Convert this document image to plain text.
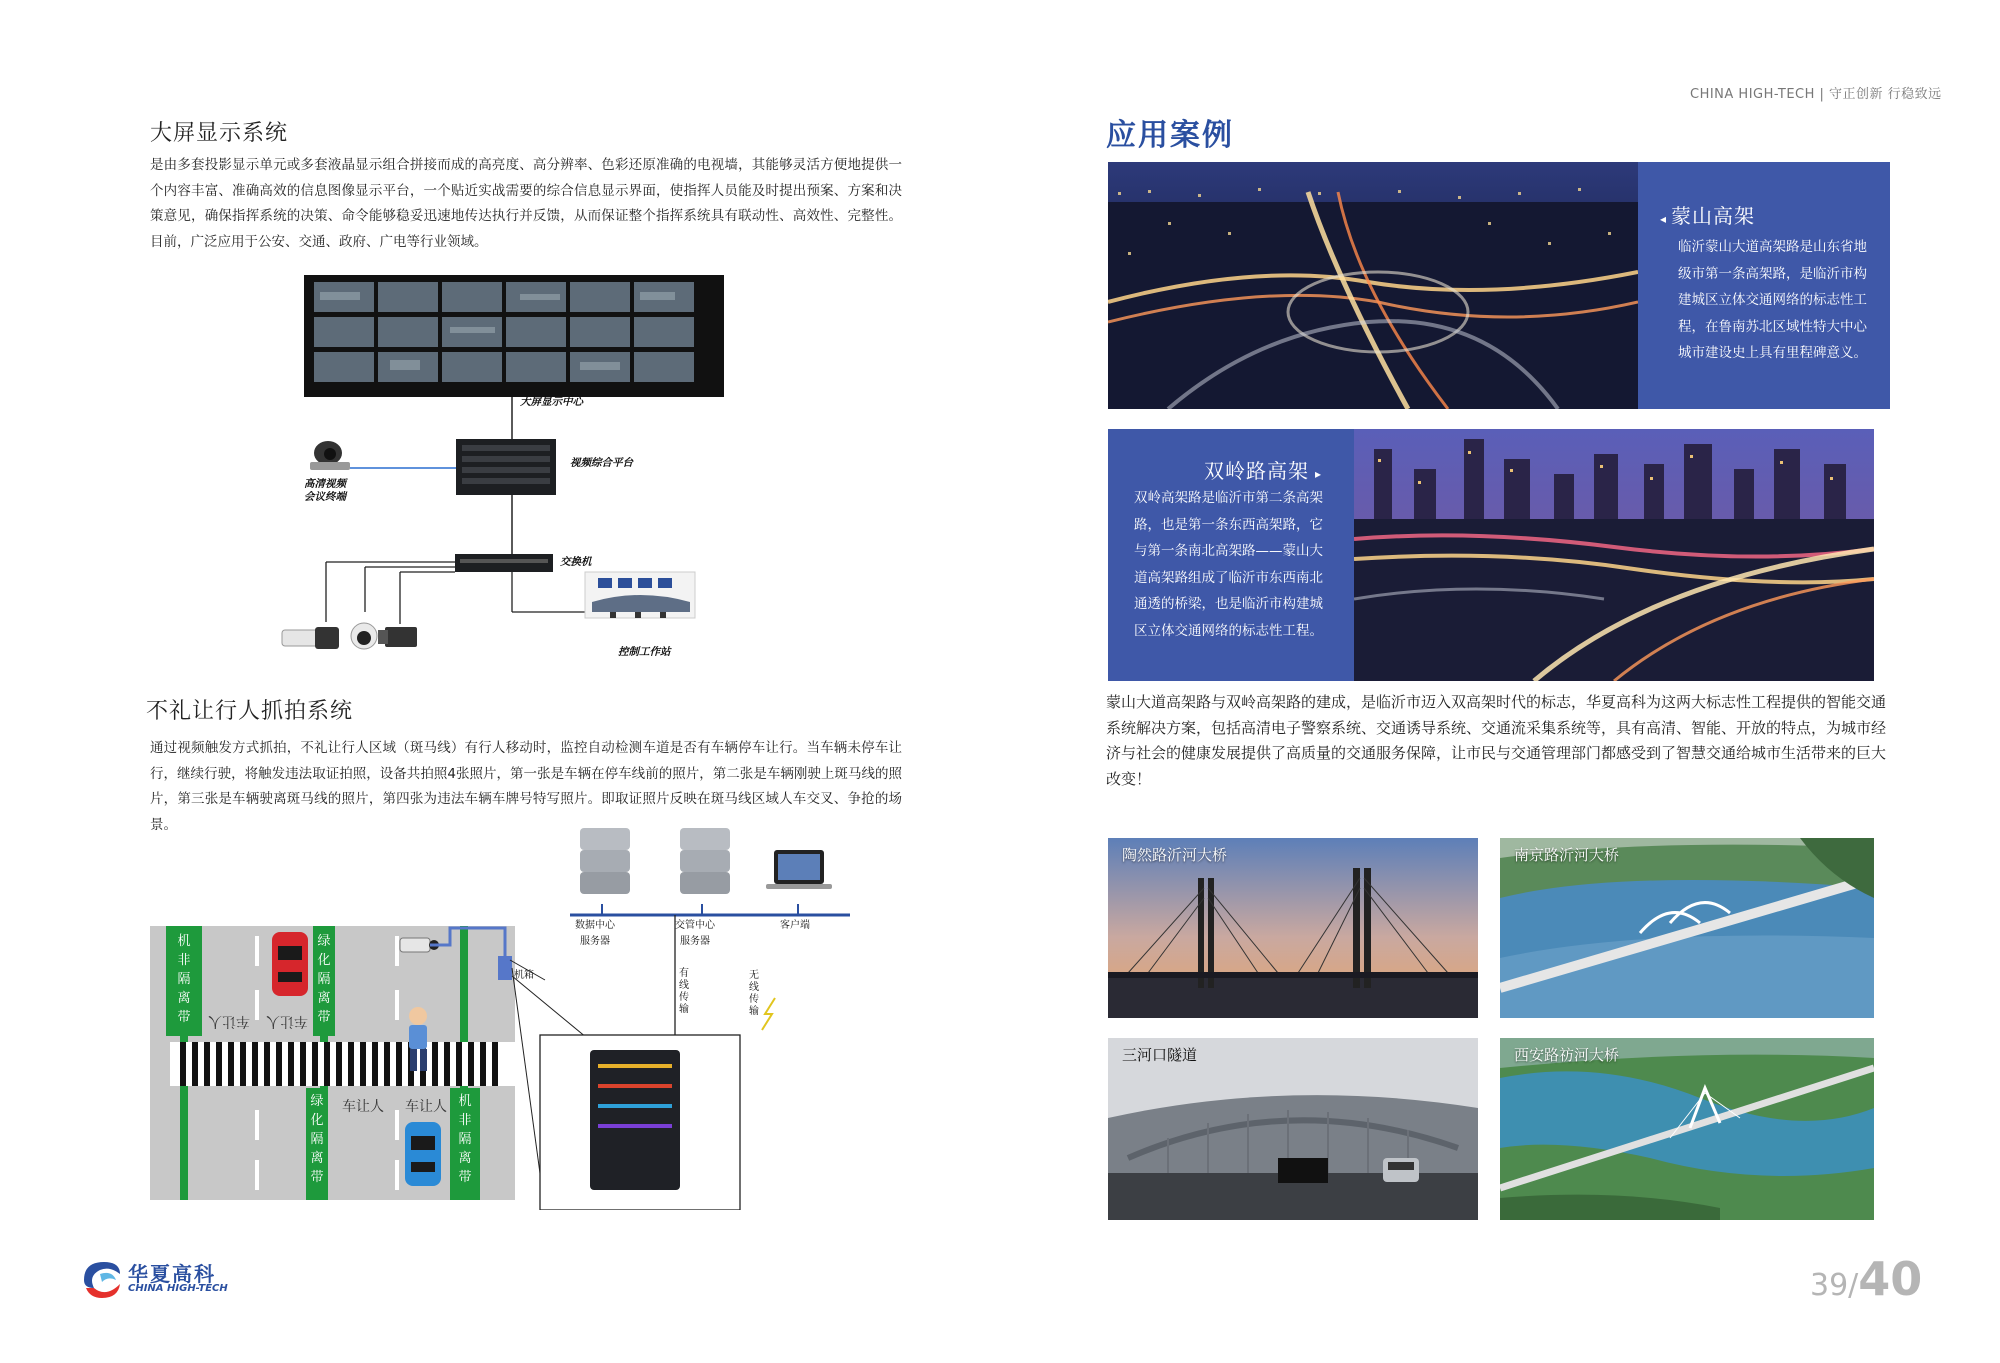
CHINA HIGH-TECH | 守正创新 行稳致远
大屏显示系统
是由多套投影显示单元或多套液晶显示组合拼接而成的高亮度、高分辨率、色彩还原准确的电视墙，其能够灵活方便地提供一个内容丰富、准确高效的信息图像显示平台，一个贴近实战需要的综合信息显示界面，使指挥人员能及时提出预案、方案和决策意见，确保指挥系统的决策、命令能够稳妥迅速地传达执行并反馈，从而保证整个指挥系统具有联动性、高效性、完整性。目前，广泛应用于公安、交通、政府、广电等行业领域。
大屏显示中心
视频综合平台
高清视频
会议终端
交换机
控制工作站
不礼让行人抓拍系统
通过视频触发方式抓拍，不礼让行人区域（斑马线）有行人移动时，监控自动检测车道是否有车辆停车让行。当车辆未停车让行，继续行驶，将触发违法取证拍照，设备共拍照4张照片，第一张是车辆在停车线前的照片，第二张是车辆刚驶上斑马线的照片，第三张是车辆驶离斑马线的照片，第四张为违法车辆车牌号特写照片。即取证照片反映在斑马线区域人车交叉、争抢的场景。
机非隔离带
绿化隔离带
绿化隔离带
机非隔离带
车让人 车让人
车让人 车让人
机箱
数据中心
服务器
交管中心
服务器
客户端
有线传输
无线传输
华夏高科
CHINA HIGH-TECH
应用案例
◂ 蒙山高架
临沂蒙山大道高架路是山东省地级市第一条高架路，是临沂市构建城区立体交通网络的标志性工程，在鲁南苏北区域性特大中心城市建设史上具有里程碑意义。
双岭路高架 ▸
双岭高架路是临沂市第二条高架路，也是第一条东西高架路，它与第一条南北高架路——蒙山大道高架路组成了临沂市东西南北通透的桥梁，也是临沂市构建城区立体交通网络的标志性工程。
蒙山大道高架路与双岭高架路的建成，是临沂市迈入双高架时代的标志，华夏高科为这两大标志性工程提供的智能交通系统解决方案，包括高清电子警察系统、交通诱导系统、交通流采集系统等，具有高清、智能、开放的特点，为城市经济与社会的健康发展提供了高质量的交通服务保障，让市民与交通管理部门都感受到了智慧交通给城市生活带来的巨大改变！
陶然路沂河大桥	南京路沂河大桥
三河口隧道	西安路祊河大桥
39/40
